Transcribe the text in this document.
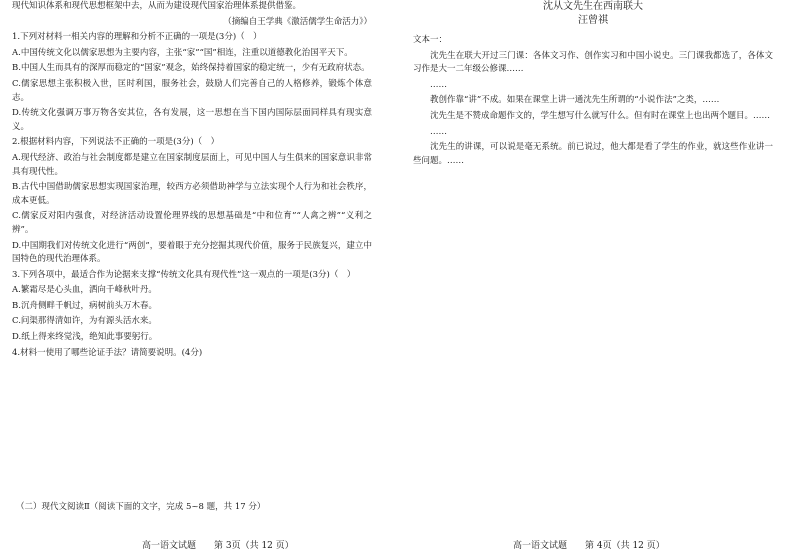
现代知识体系和现代思想框架中去，从而为建设现代国家治理体系提供借鉴。

（摘编自王学典《激活儒学生命活力》）

1.下列对材料一相关内容的理解和分析不正确的一项是(3分)（　）

A.中国传统文化以儒家思想为主要内容，主张“家”“国”相连，注重以道德教化治国平天下。

B.中国人生而具有的深厚而稳定的“国家”观念，始终保持着国家的稳定统一，少有无政府状态。

C.儒家思想主张积极入世，匡时利国，服务社会，鼓励人们完善自己的人格修养，锻炼个体意志。

D.传统文化强调万事万物各安其位，各有发展，这一思想在当下国内国际层面同样具有现实意义。

2.根据材料内容，下列说法不正确的一项是(3分)（　）

A.现代经济、政治与社会制度都是建立在国家制度层面上，可见中国人与生俱来的国家意识非常具有现代性。

B.古代中国借助儒家思想实现国家治理，较西方必须借助神学与立法实现个人行为和社会秩序，成本更低。

C.儒家反对阳内强食，对经济活动设置伦理界线的思想基础是“中和位育”“人禽之辨”“义利之辨”。

D.中国期我们对传统文化进行“两创”，要着眼于充分挖掘其现代价值，服务于民族复兴，建立中国特色的现代治理体系。

3.下列各项中，最适合作为论据来支撑“传统文化具有现代性”这一观点的一项是(3分)（　）

A.繁霜尽是心头血，洒向千峰秋叶丹。

B.沉舟侧畔千帆过，病树前头万木春。

C.问渠那得清如许，为有源头活水来。

D.纸上得来终觉浅，绝知此事要躬行。

4.材料一使用了哪些论证手法？请简要说明。(4分)

（二）现代文阅读Ⅱ（阅读下面的文字，完成 5~8 题，共 17 分）
高一语文试题　　第 3页（共 12 页）

沈从文先生在西南联大

汪曾祺

文本一：

沈先生在联大开过三门课：各体文习作、创作实习和中国小说史。三门课我都选了，各体文习作是大一二年级公修课……

……

教创作靠“讲”不成。如果在课堂上讲一通沈先生所谓的“小说作法”之类，……

沈先生是不赞成命题作文的，学生想写什么就写什么。但有时在课堂上也出两个题目。……

……

沈先生的讲课，可以说是毫无系统。前已说过，他大都是看了学生的作业，就这些作业讲一些问题。……

高一语文试题　　第 4页（共 12 页）
